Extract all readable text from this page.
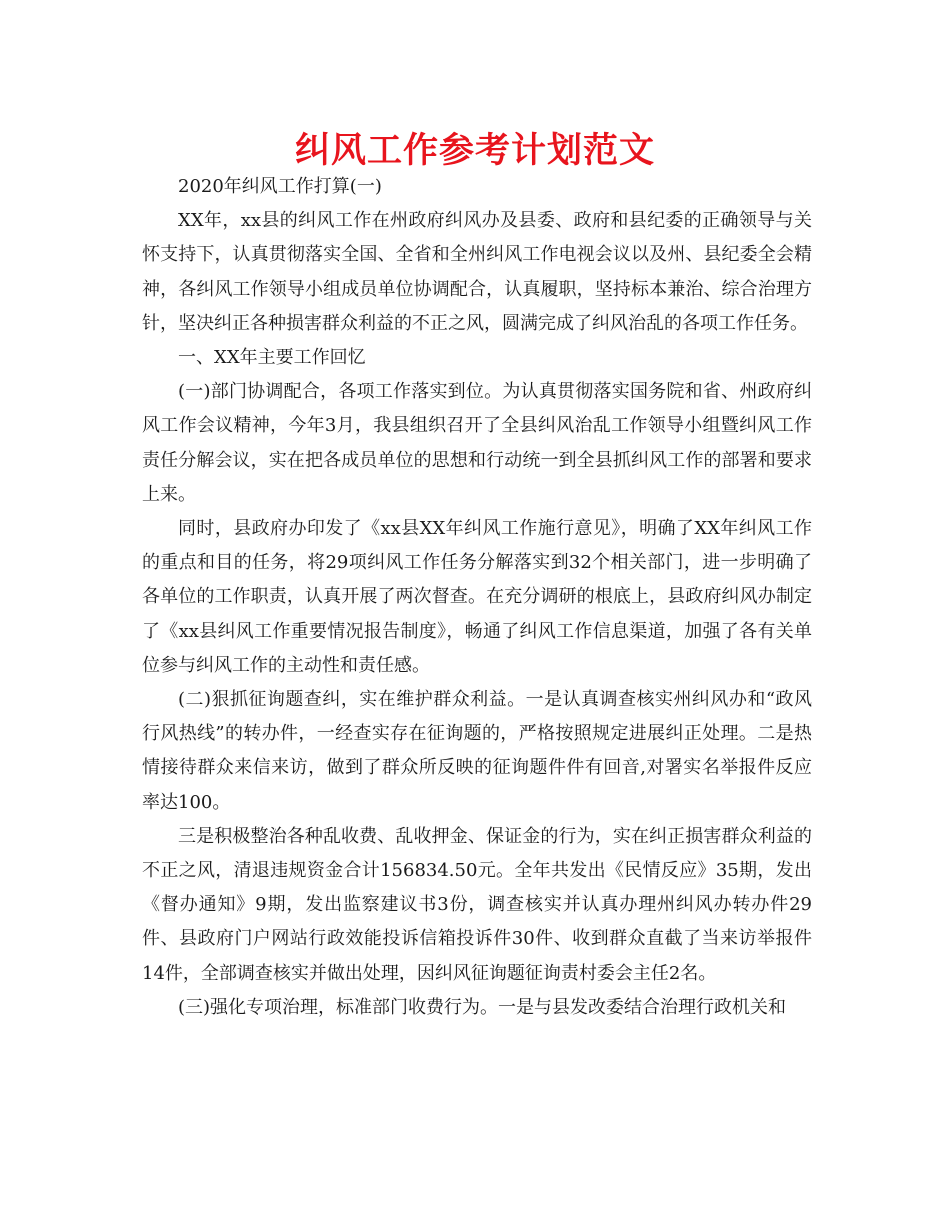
纠风工作参考计划范文

2020年纠风工作打算(一)

XX年，xx县的纠风工作在州政府纠风办及县委、政府和县纪委的正确领导与关怀支持下，认真贯彻落实全国、全省和全州纠风工作电视会议以及州、县纪委全会精神，各纠风工作领导小组成员单位协调配合，认真履职，坚持标本兼治、综合治理方针，坚决纠正各种损害群众利益的不正之风，圆满完成了纠风治乱的各项工作任务。

一、XX年主要工作回忆

(一)部门协调配合，各项工作落实到位。为认真贯彻落实国务院和省、州政府纠风工作会议精神，今年3月，我县组织召开了全县纠风治乱工作领导小组暨纠风工作责任分解会议，实在把各成员单位的思想和行动统一到全县抓纠风工作的部署和要求上来。

同时，县政府办印发了《xx县XX年纠风工作施行意见》，明确了XX年纠风工作的重点和目的任务，将29项纠风工作任务分解落实到32个相关部门，进一步明确了各单位的工作职责，认真开展了两次督查。在充分调研的根底上，县政府纠风办制定了《xx县纠风工作重要情况报告制度》，畅通了纠风工作信息渠道，加强了各有关单位参与纠风工作的主动性和责任感。

(二)狠抓征询题查纠，实在维护群众利益。一是认真调查核实州纠风办和“政风行风热线”的转办件，一经查实存在征询题的，严格按照规定进展纠正处理。二是热情接待群众来信来访，做到了群众所反映的征询题件件有回音,对署实名举报件反应率达100。

三是积极整治各种乱收费、乱收押金、保证金的行为，实在纠正损害群众利益的不正之风，清退违规资金合计156834.50元。全年共发出《民情反应》35期，发出《督办通知》9期，发出监察建议书3份，调查核实并认真办理州纠风办转办件29件、县政府门户网站行政效能投诉信箱投诉件30件、收到群众直截了当来访举报件14件，全部调查核实并做出处理，因纠风征询题征询责村委会主任2名。

(三)强化专项治理，标准部门收费行为。一是与县发改委结合治理行政机关和
